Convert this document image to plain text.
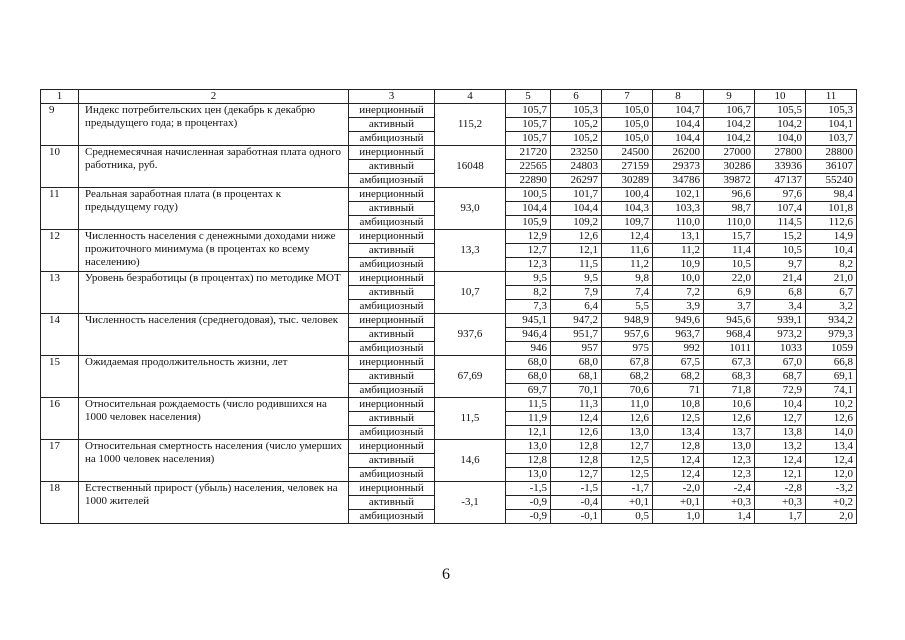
1	2	3	4	5	6	7	8	9	10	11
9	Индекс потребительских цен (декабрь к декабрю предыдущего года; в процентах)	инерционный	115,2	105,7	105,3	105,0	104,7	106,7	105,5	105,3
		активный		105,7	105,2	105,0	104,4	104,2	104,2	104,1
		амбициозный		105,7	105,2	105,0	104,4	104,2	104,0	103,7
10	Среднемесячная начисленная заработная плата одного работника, руб.	инерционный	16048	21720	23250	24500	26200	27000	27800	28800
		активный		22565	24803	27159	29373	30286	33936	36107
		амбициозный		22890	26297	30289	34786	39872	47137	55240
11	Реальная заработная плата (в процентах к предыдущему году)	инерционный	93,0	100,5	101,7	100,4	102,1	96,6	97,6	98,4
		активный		104,4	104,4	104,3	103,3	98,7	107,4	101,8
		амбициозный		105,9	109,2	109,7	110,0	110,0	114,5	112,6
12	Численность населения с денежными доходами ниже прожиточного минимума (в процентах ко всему населению)	инерционный	13,3	12,9	12,6	12,4	13,1	15,7	15,2	14,9
		активный		12,7	12,1	11,6	11,2	11,4	10,5	10,4
		амбициозный		12,3	11,5	11,2	10,9	10,5	9,7	8,2
13	Уровень безработицы (в процентах) по методике МОТ	инерционный	10,7	9,5	9,5	9,8	10,0	22,0	21,4	21,0
		активный		8,2	7,9	7,4	7,2	6,9	6,8	6,7
		амбициозный		7,3	6,4	5,5	3,9	3,7	3,4	3,2
14	Численность населения (среднегодовая), тыс. человек	инерционный	937,6	945,1	947,2	948,9	949,6	945,6	939,1	934,2
		активный		946,4	951,7	957,6	963,7	968,4	973,2	979,3
		амбициозный		946	957	975	992	1011	1033	1059
15	Ожидаемая продолжительность жизни, лет	инерционный	67,69	68,0	68,0	67,8	67,5	67,3	67,0	66,8
		активный		68,0	68,1	68,2	68,2	68,3	68,7	69,1
		амбициозный		69,7	70,1	70,6	71	71,8	72,9	74,1
16	Относительная рождаемость (число родившихся на 1000 человек населения)	инерционный	11,5	11,5	11,3	11,0	10,8	10,6	10,4	10,2
		активный		11,9	12,4	12,6	12,5	12,6	12,7	12,6
		амбициозный		12,1	12,6	13,0	13,4	13,7	13,8	14,0
17	Относительная смертность населения (число умерших на 1000 человек населения)	инерционный	14,6	13,0	12,8	12,7	12,8	13,0	13,2	13,4
		активный		12,8	12,8	12,5	12,4	12,3	12,4	12,4
		амбициозный		13,0	12,7	12,5	12,4	12,3	12,1	12,0
18	Естественный прирост (убыль) населения, человек на 1000 жителей	инерционный	-3,1	-1,5	-1,5	-1,7	-2,0	-2,4	-2,8	-3,2
		активный		-0,9	-0,4	+0,1	+0,1	+0,3	+0,3	+0,2
		амбициозный		-0,9	-0,1	0,5	1,0	1,4	1,7	2,0
6
